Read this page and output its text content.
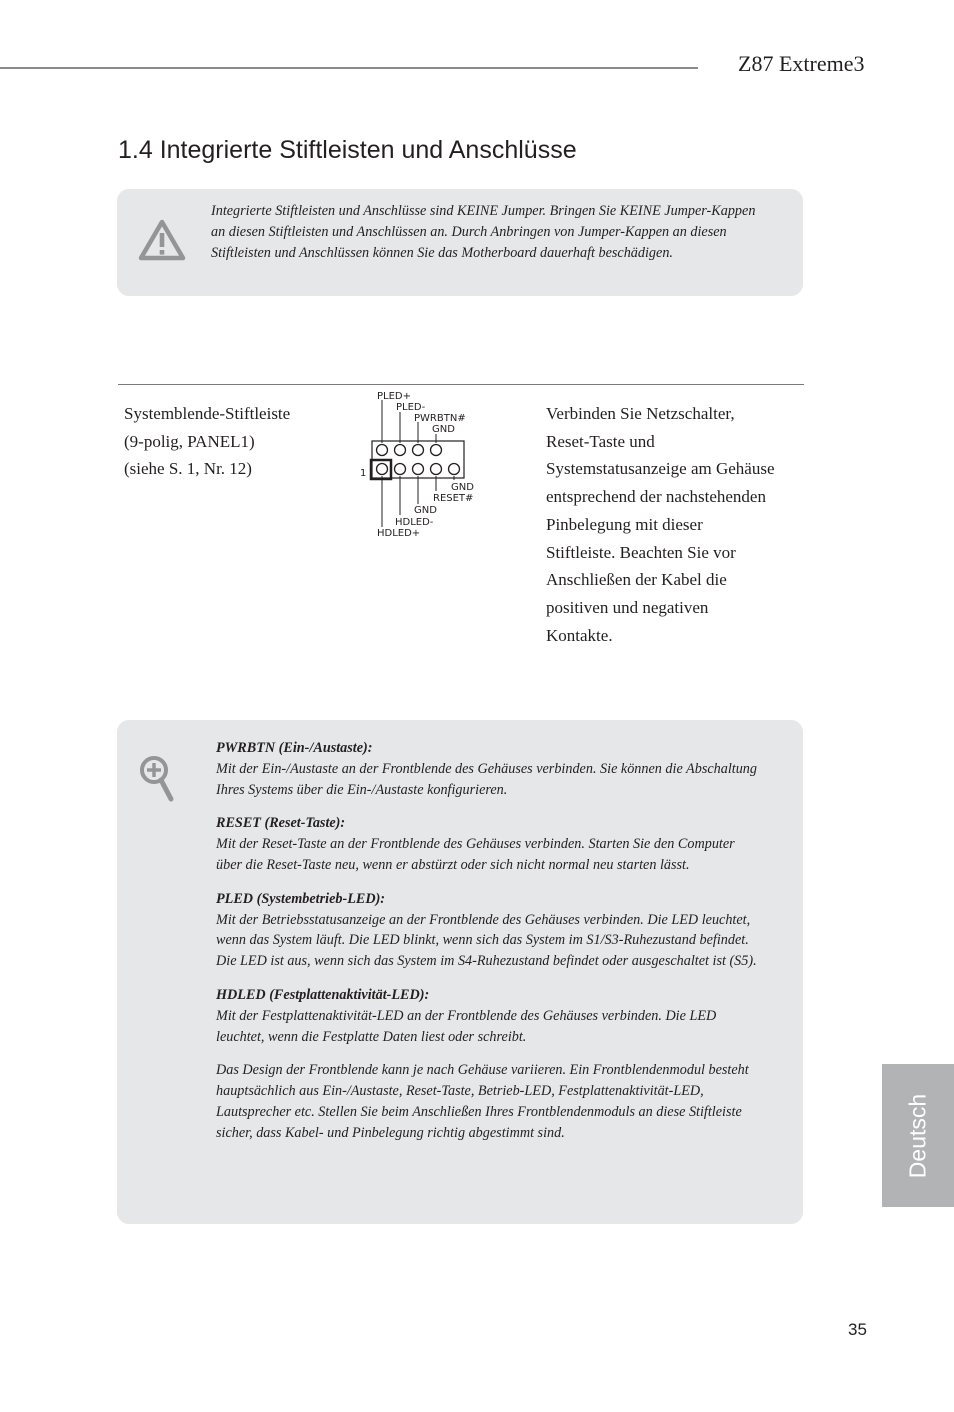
Z87 Extreme3
1.4 Integrierte Stiftleisten und Anschlüsse
Integrierte Stiftleisten und Anschlüsse sind KEINE Jumper. Bringen Sie KEINE Jumper-Kappen an diesen Stiftleisten und Anschlüssen an. Durch Anbringen von Jumper-Kappen an diesen Stiftleisten und Anschlüssen können Sie das Motherboard dauerhaft beschädigen.
Systemblende-Stiftleiste
(9-polig, PANEL1)
(siehe S. 1, Nr. 12)
PLED+
PLED-
PWRBTN#
GND
1
GND
RESET#
GND
HDLED-
HDLED+
Verbinden Sie Netzschalter, Reset-Taste und Systemstatusanzeige am Gehäuse entsprechend der nachstehenden Pinbelegung mit dieser Stiftleiste. Beachten Sie vor Anschließen der Kabel die positiven und negativen Kontakte.

PWRBTN (Ein-/Austaste):
Mit der Ein-/Austaste an der Frontblende des Gehäuses verbinden. Sie können die Abschaltung Ihres Systems über die Ein-/Austaste konfigurieren.

RESET (Reset-Taste):
Mit der Reset-Taste an der Frontblende des Gehäuses verbinden. Starten Sie den Computer über die Reset-Taste neu, wenn er abstürzt oder sich nicht normal neu starten lässt.

PLED (Systembetrieb-LED):
Mit der Betriebsstatusanzeige an der Frontblende des Gehäuses verbinden. Die LED leuchtet, wenn das System läuft. Die LED blinkt, wenn sich das System im S1/S3-Ruhezustand befindet. Die LED ist aus, wenn sich das System im S4-Ruhezustand befindet oder ausgeschaltet ist (S5).

HDLED (Festplattenaktivität-LED):
Mit der Festplattenaktivität-LED an der Frontblende des Gehäuses verbinden. Die LED leuchtet, wenn die Festplatte Daten liest oder schreibt.

Das Design der Frontblende kann je nach Gehäuse variieren. Ein Frontblendenmodul besteht hauptsächlich aus Ein-/Austaste, Reset-Taste, Betrieb-LED, Festplattenaktivität-LED, Lautsprecher etc. Stellen Sie beim Anschließen Ihres Frontblendenmoduls an diese Stiftleiste sicher, dass Kabel- und Pinbelegung richtig abgestimmt sind.	Deutsch
35
